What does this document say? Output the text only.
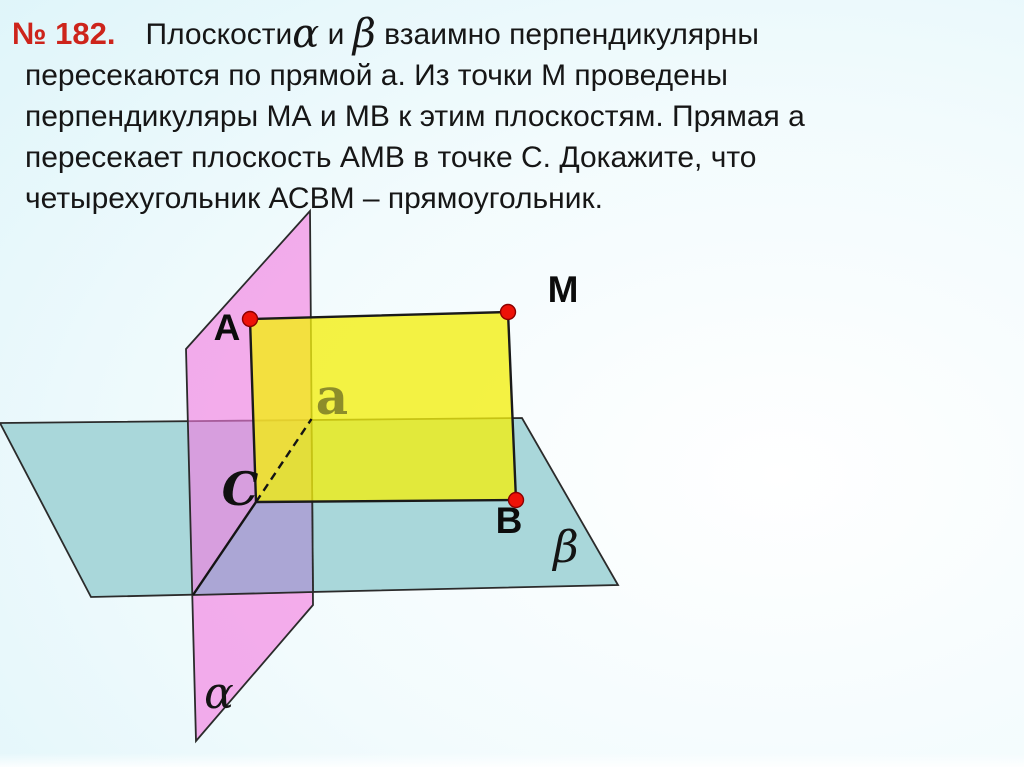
№ 182. Плоскостиα и β взаимно перпендикулярны
пересекаются по прямой а. Из точки М проведены
перпендикуляры МА и МВ к этим плоскостям. Прямая а
пересекает плоскость АМВ в точке С. Докажите, что
четырехугольник АСВМ – прямоугольник.
A
M
B
C
a
α
β
